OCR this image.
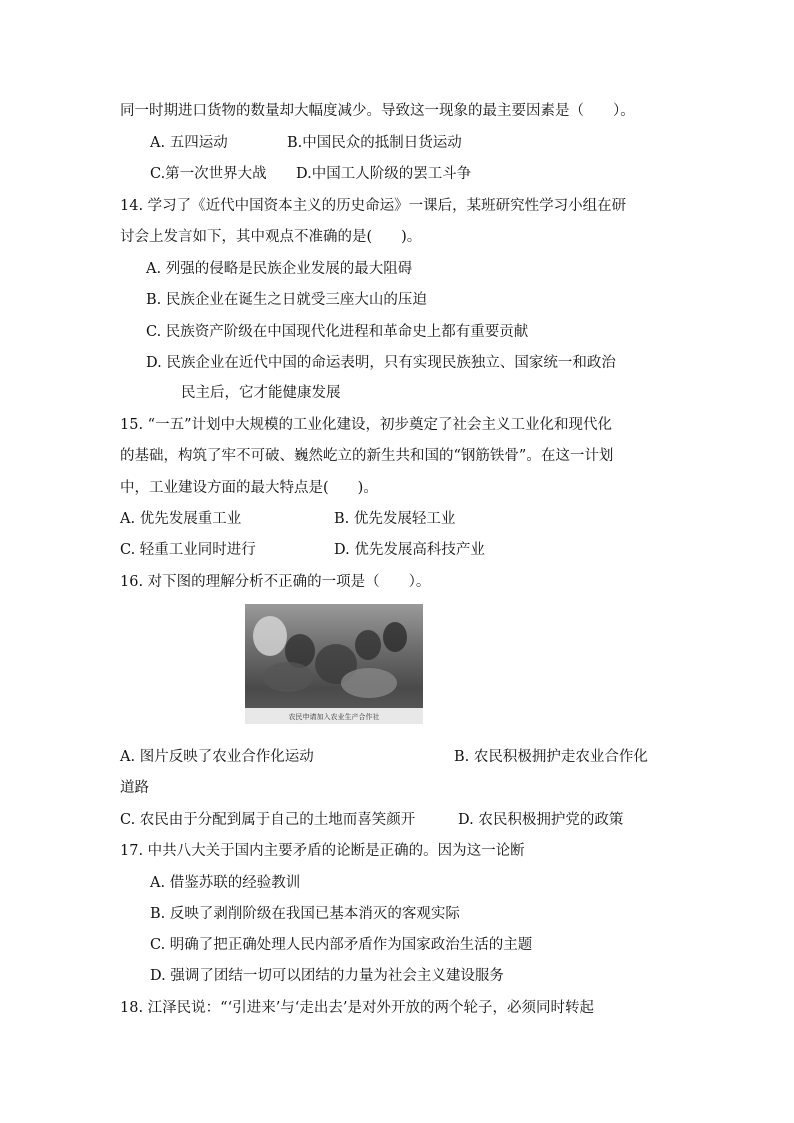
同一时期进口货物的数量却大幅度减少。导致这一现象的最主要因素是（　　）。
A. 五四运动	B.中国民众的抵制日货运动
C.第一次世界大战 D.中国工人阶级的罢工斗争
14. 学习了《近代中国资本主义的历史命运》一课后，某班研究性学习小组在研
讨会上发言如下，其中观点不准确的是(　　)。
A. 列强的侵略是民族企业发展的最大阻碍
B. 民族企业在诞生之日就受三座大山的压迫
C. 民族资产阶级在中国现代化进程和革命史上都有重要贡献
D. 民族企业在近代中国的命运表明，只有实现民族独立、国家统一和政治
民主后，它才能健康发展
15. “一五”计划中大规模的工业化建设，初步奠定了社会主义工业化和现代化
的基础，构筑了牢不可破、巍然屹立的新生共和国的“钢筋铁骨”。在这一计划
中，工业建设方面的最大特点是(　　)。
A. 优先发展重工业	B. 优先发展轻工业
C. 轻重工业同时进行	D. 优先发展高科技产业
16. 对下图的理解分析不正确的一项是（　　）。
农民申请加入农业生产合作社
A. 图片反映了农业合作化运动	B. 农民积极拥护走农业合作化
道路
C. 农民由于分配到属于自己的土地而喜笑颜开	D. 农民积极拥护党的政策
17. 中共八大关于国内主要矛盾的论断是正确的。因为这一论断
A. 借鉴苏联的经验教训
B. 反映了剥削阶级在我国已基本消灭的客观实际
C. 明确了把正确处理人民内部矛盾作为国家政治生活的主题
D. 强调了团结一切可以团结的力量为社会主义建设服务
18. 江泽民说：“‘引进来’与‘走出去’是对外开放的两个轮子，必须同时转起
